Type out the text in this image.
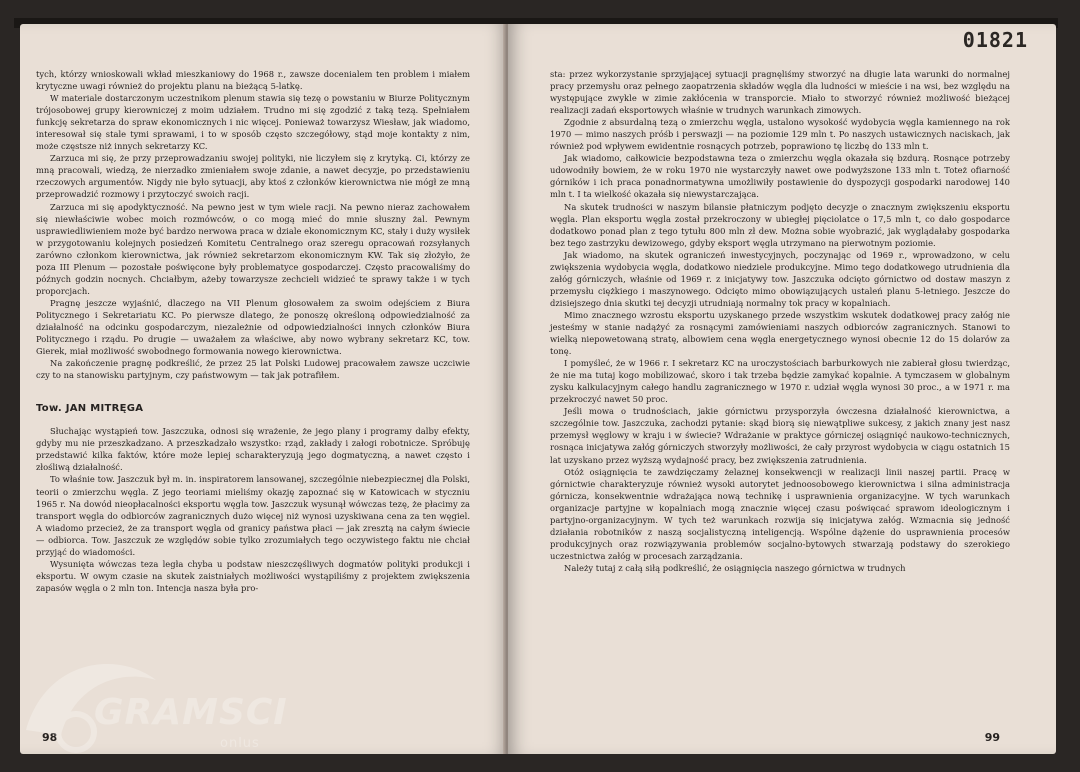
tych, którzy wnioskowali wkład mieszkaniowy do 1968 r., zawsze docenialem ten problem i miałem krytyczne uwagi również do projektu planu na bieżącą 5-latkę.

W materiale dostarczonym uczestnikom plenum stawia się tezę o powstaniu w Biurze Politycznym trójosobowej grupy kierowniczej z moim udziałem. Trudno mi się zgodzić z taką tezą. Spełniałem funkcję sekretarza do spraw ekonomicznych i nic więcej. Ponieważ towarzysz Wiesław, jak wiadomo, interesował się stale tymi sprawami, i to w sposób często szczegółowy, stąd moje kontakty z nim, może częstsze niż innych sekretarzy KC.

Zarzuca mi się, że przy przeprowadzaniu swojej polityki, nie liczyłem się z krytyką. Ci, którzy ze mną pracowali, wiedzą, że nierzadko zmieniałem swoje zdanie, a nawet decyzje, po przedstawieniu rzeczowych argumentów. Nigdy nie było sytuacji, aby ktoś z członków kierownictwa nie mógł ze mną przeprowadzić rozmowy i przytoczyć swoich racji.

Zarzuca mi się apodyktyczność. Na pewno jest w tym wiele racji. Na pewno nieraz zachowałem się niewłaściwie wobec moich rozmówców, o co mogą mieć do mnie słuszny żal. Pewnym usprawiedliwieniem może być bardzo nerwowa praca w dziale ekonomicznym KC, stały i duży wysiłek w przygotowaniu kolejnych posiedzeń Komitetu Centralnego oraz szeregu opracowań rozsyłanych zarówno członkom kierownictwa, jak również sekretarzom ekonomicznym KW. Tak się złożyło, że poza III Plenum — pozostałe poświęcone były problematyce gospodarczej. Często pracowaliśmy do późnych godzin nocnych. Chciałbym, ażeby towarzysze zechcieli widzieć te sprawy także i w tych proporcjach.

Pragnę jeszcze wyjaśnić, dlaczego na VII Plenum głosowałem za swoim odejściem z Biura Politycznego i Sekretariatu KC. Po pierwsze dlatego, że ponoszę określoną odpowiedzialność za działalność na odcinku gospodarczym, niezależnie od odpowiedzialności innych członków Biura Politycznego i rządu. Po drugie — uważałem za właściwe, aby nowo wybrany sekretarz KC, tow. Gierek, miał możliwość swobodnego formowania nowego kierownictwa.

Na zakończenie pragnę podkreślić, że przez 25 lat Polski Ludowej pracowałem zawsze uczciwie czy to na stanowisku partyjnym, czy państwowym — tak jak potrafiłem.

Tow. JAN MITRĘGA

Słuchając wystąpień tow. Jaszczuka, odnosi się wrażenie, że jego plany i programy dalby efekty, gdyby mu nie przeszkadzano. A przeszkadzało wszystko: rząd, zakłady i załogi robotnicze. Spróbuję przedstawić kilka faktów, które może lepiej scharakteryzują jego dogmatyczną, a nawet często i złośliwą działalność.

To właśnie tow. Jaszczuk był m. in. inspiratorem lansowanej, szczególnie niebezpiecznej dla Polski, teorii o zmierzchu węgla. Z jego teoriami mieliśmy okazję zapoznać się w Katowicach w styczniu 1965 r. Na dowód nieopłacalności eksportu węgla tow. Jaszczuk wysunął wówczas tezę, że płacimy za transport węgla do odbiorców zagranicznych dużo więcej niż wynosi uzyskiwana cena za ten węgiel. A wiadomo przecież, że za transport węgla od granicy państwa płaci — jak zresztą na całym świecie — odbiorca. Tow. Jaszczuk ze względów sobie tylko zrozumiałych tego oczywistego faktu nie chciał przyjąć do wiadomości.

Wysunięta wówczas teza legła chyba u podstaw nieszczęśliwych dogmatów polityki produkcji i eksportu. W owym czasie na skutek zaistniałych możliwości wystąpiliśmy z projektem zwiększenia zapasów węgla o 2 mln ton. Intencja nasza była pro-

98
01821

sta: przez wykorzystanie sprzyjającej sytuacji pragnęliśmy stworzyć na długie lata warunki do normalnej pracy przemysłu oraz pełnego zaopatrzenia składów węgla dla ludności w mieście i na wsi, bez względu na występujące zwykle w zimie zakłócenia w transporcie. Miało to stworzyć również możliwość bieżącej realizacji zadań eksportowych właśnie w trudnych warunkach zimowych.

Zgodnie z absurdalną tezą o zmierzchu węgla, ustalono wysokość wydobycia węgla kamiennego na rok 1970 — mimo naszych próśb i perswazji — na poziomie 129 mln t. Po naszych ustawicznych naciskach, jak również pod wpływem ewidentnie rosnących potrzeb, poprawiono tę liczbę do 133 mln t.

Jak wiadomo, całkowicie bezpodstawna teza o zmierzchu węgla okazała się bzdurą. Rosnące potrzeby udowodniły bowiem, że w roku 1970 nie wystarczyły nawet owe podwyższone 133 mln t. Toteż ofiarność górników i ich praca ponadnormatywna umożliwiły postawienie do dyspozycji gospodarki narodowej 140 mln t. I ta wielkość okazała się niewystarczająca.

Na skutek trudności w naszym bilansie płatniczym podjęto decyzje o znacznym zwiększeniu eksportu węgla. Plan eksportu węgla został przekroczony w ubiegłej pięciolatce o 17,5 mln t, co dało gospodarce dodatkowo ponad plan z tego tytułu 800 mln zł dew. Można sobie wyobrazić, jak wyglądałaby gospodarka bez tego zastrzyku dewizowego, gdyby eksport węgla utrzymano na pierwotnym poziomie.

Jak wiadomo, na skutek ograniczeń inwestycyjnych, poczynając od 1969 r., wprowadzono, w celu zwiększenia wydobycia węgla, dodatkowo niedziele produkcyjne. Mimo tego dodatkowego utrudnienia dla załóg górniczych, właśnie od 1969 r. z inicjatywy tow. Jaszczuka odcięto górnictwo od dostaw maszyn z przemysłu ciężkiego i maszynowego. Odcięto mimo obowiązujących ustaleń planu 5-letniego. Jeszcze do dzisiejszego dnia skutki tej decyzji utrudniają normalny tok pracy w kopalniach.

Mimo znacznego wzrostu eksportu uzyskanego przede wszystkim wskutek dodatkowej pracy załóg nie jesteśmy w stanie nadążyć za rosnącymi zamówieniami naszych odbiorców zagranicznych. Stanowi to wielką niepowetowaną stratę, albowiem cena węgla energetycznego wynosi obecnie 12 do 15 dolarów za tonę.

I pomyśleć, że w 1966 r. I sekretarz KC na uroczystościach barburkowych nie zabierał głosu twierdząc, że nie ma tutaj kogo mobilizować, skoro i tak trzeba będzie zamykać kopalnie. A tymczasem w globalnym zysku kalkulacyjnym całego handlu zagranicznego w 1970 r. udział węgla wynosi 30 proc., a w 1971 r. ma przekroczyć nawet 50 proc.

Jeśli mowa o trudnościach, jakie górnictwu przysporzyła ówczesna działalność kierownictwa, a szczególnie tow. Jaszczuka, zachodzi pytanie: skąd biorą się niewątpliwe sukcesy, z jakich znany jest nasz przemysł węglowy w kraju i w świecie? Wdrażanie w praktyce górniczej osiągnięć naukowo-technicznych, rosnąca inicjatywa załóg górniczych stworzyły możliwości, że cały przyrost wydobycia w ciągu ostatnich 15 lat uzyskano przez wyższą wydajność pracy, bez zwiększenia zatrudnienia.

Otóż osiągnięcia te zawdzięczamy żelaznej konsekwencji w realizacji linii naszej partii. Pracę w górnictwie charakteryzuje również wysoki autorytet jednoosobowego kierownictwa i silna administracja górnicza, konsekwentnie wdrażająca nową technikę i usprawnienia organizacyjne. W tych warunkach organizacje partyjne w kopalniach mogą znacznie więcej czasu poświęcać sprawom ideologicznym i partyjno-organizacyjnym. W tych też warunkach rozwija się inicjatywa załóg. Wzmacnia się jedność działania robotników z naszą socjalistyczną inteligencją. Wspólne dążenie do usprawnienia procesów produkcyjnych oraz rozwiązywania problemów socjalno-bytowych stwarzają podstawy do szerokiego uczestnictwa załóg w procesach zarządzania.

Należy tutaj z całą siłą podkreślić, że osiągnięcia naszego górnictwa w trudnych

99
GRAMSCI
onlus
